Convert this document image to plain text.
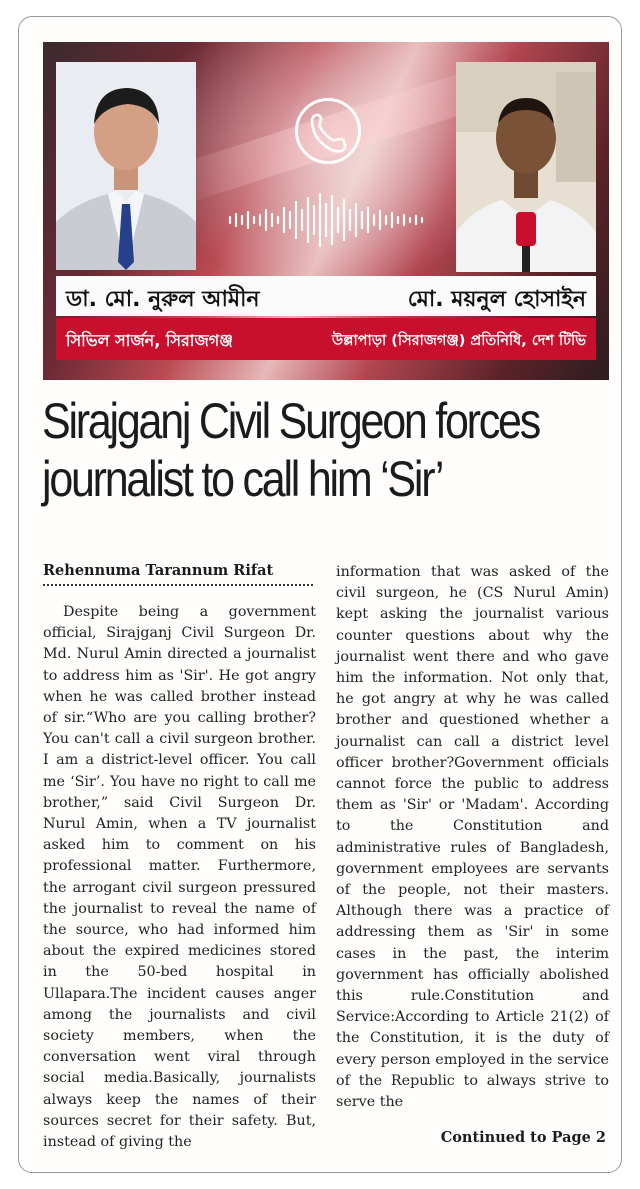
ডা. মো. নুরুল আমীন	মো. ময়নুল হোসাইন
সিভিল সার্জন, সিরাজগঞ্জ	উল্লাপাড়া (সিরাজগঞ্জ) প্রতিনিধি, দেশ টিভি
Sirajganj Civil Surgeon forces journalist to call him ‘Sir’
Rehennuma Tarannum Rifat

Despite being a government official, Sirajganj Civil Surgeon Dr. Md. Nurul Amin directed a journalist to address him as 'Sir'. He got angry when he was called brother instead of sir.“Who are you calling brother? You can't call a civil surgeon brother. I am a district-level officer. You call me ‘Sir’. You have no right to call me brother,” said Civil Surgeon Dr. Nurul Amin, when a TV journalist asked him to comment on his professional matter. Furthermore, the arrogant civil surgeon pressured the journalist to reveal the name of the source, who had informed him about the expired medicines stored in the 50-bed hospital in Ullapara.The incident causes anger among the journalists and civil society members, when the conversation went viral through social media.Basically, journalists always keep the names of their sources secret for their safety. But, instead of giving the

information that was asked of the civil surgeon, he (CS Nurul Amin) kept asking the journalist various counter questions about why the journalist went there and who gave him the information. Not only that, he got angry at why he was called brother and questioned whether a journalist can call a district level officer brother?Government officials cannot force the public to address them as 'Sir' or 'Madam'. According to the Constitution and administrative rules of Bangladesh, government employees are servants of the people, not their masters. Although there was a practice of addressing them as 'Sir' in some cases in the past, the interim government has officially abolished this rule.Constitution and Service:According to Article 21(2) of the Constitution, it is the duty of every person employed in the service of the Republic to always strive to serve the

Continued to Page 2
